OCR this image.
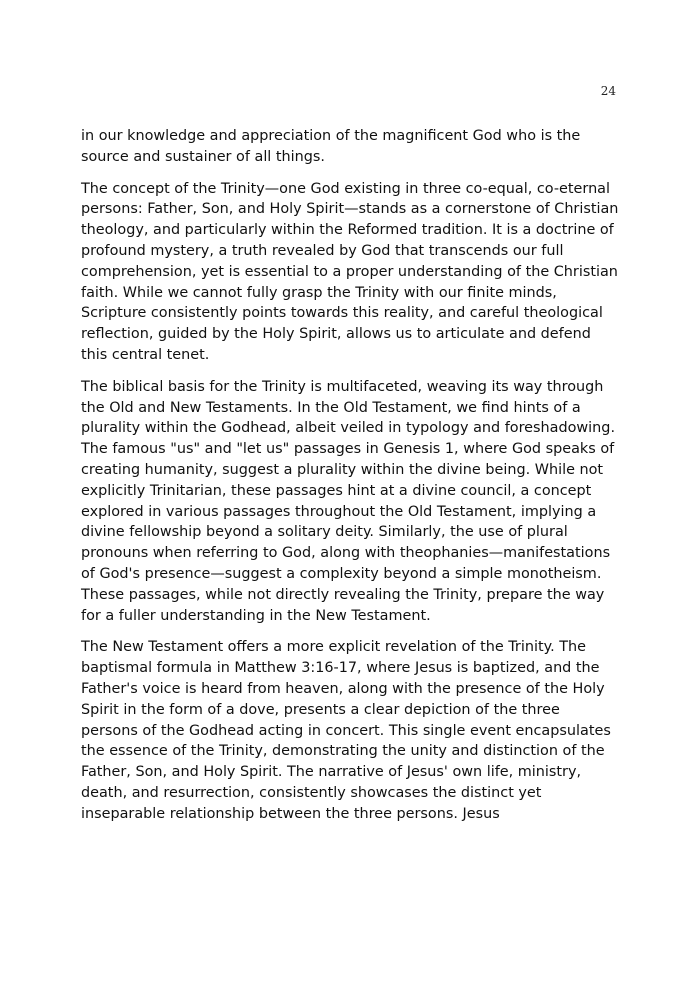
24

in our knowledge and appreciation of the magnificent God who is the source and sustainer of all things.

The concept of the Trinity—one God existing in three co-equal, co-eternal persons: Father, Son, and Holy Spirit—stands as a cornerstone of Christian theology, and particularly within the Reformed tradition. It is a doctrine of profound mystery, a truth revealed by God that transcends our full comprehension, yet is essential to a proper understanding of the Christian faith. While we cannot fully grasp the Trinity with our finite minds, Scripture consistently points towards this reality, and careful theological reflection, guided by the Holy Spirit, allows us to articulate and defend this central tenet.

The biblical basis for the Trinity is multifaceted, weaving its way through the Old and New Testaments. In the Old Testament, we find hints of a plurality within the Godhead, albeit veiled in typology and foreshadowing. The famous "us" and "let us" passages in Genesis 1, where God speaks of creating humanity, suggest a plurality within the divine being. While not explicitly Trinitarian, these passages hint at a divine council, a concept explored in various passages throughout the Old Testament, implying a divine fellowship beyond a solitary deity. Similarly, the use of plural pronouns when referring to God, along with theophanies—manifestations of God's presence—suggest a complexity beyond a simple monotheism. These passages, while not directly revealing the Trinity, prepare the way for a fuller understanding in the New Testament.

The New Testament offers a more explicit revelation of the Trinity. The baptismal formula in Matthew 3:16-17, where Jesus is baptized, and the Father's voice is heard from heaven, along with the presence of the Holy Spirit in the form of a dove, presents a clear depiction of the three persons of the Godhead acting in concert. This single event encapsulates the essence of the Trinity, demonstrating the unity and distinction of the Father, Son, and Holy Spirit. The narrative of Jesus' own life, ministry, death, and resurrection, consistently showcases the distinct yet inseparable relationship between the three persons. Jesus
